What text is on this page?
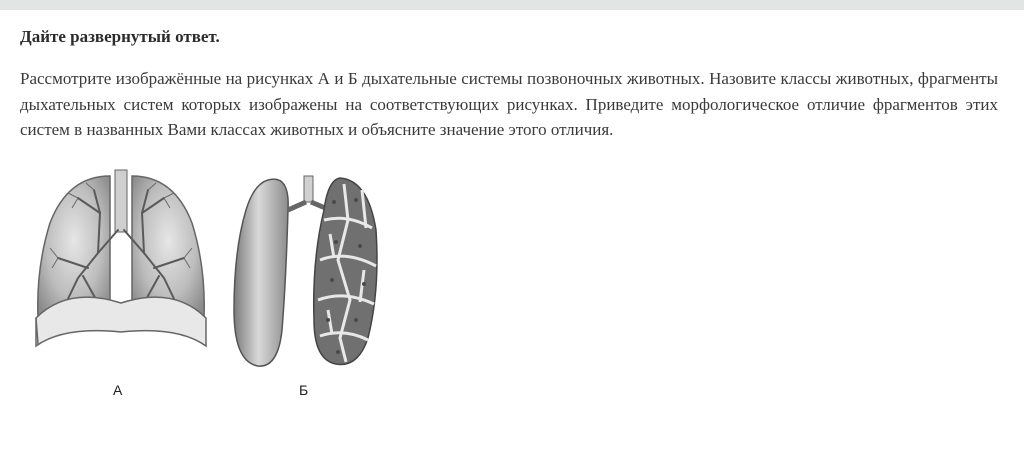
Дайте развернутый ответ.
Рассмотрите изображённые на рисунках А и Б дыхательные системы позвоночных животных. Назовите классы животных, фрагменты дыхательных систем которых изображены на соответствующих рисунках. Приведите морфологическое отличие фрагментов этих систем в названных Вами классах животных и объясните значение этого отличия.
А	Б
